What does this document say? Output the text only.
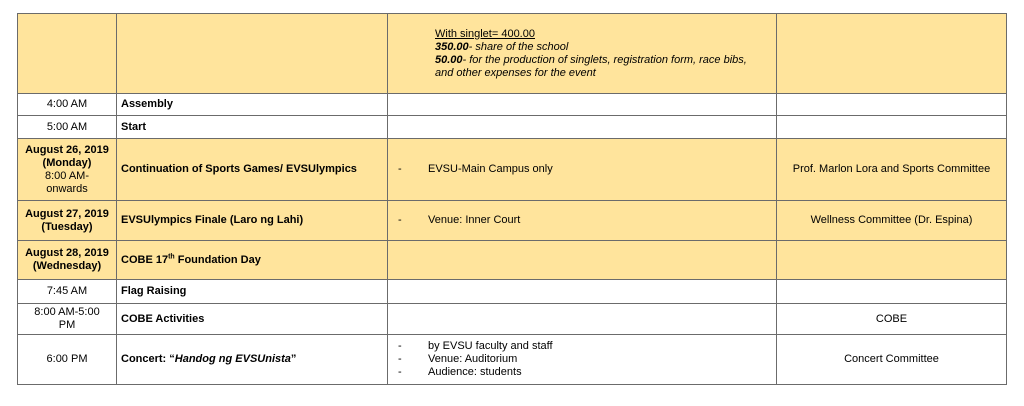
		With singlet= 400.00
350.00- share of the school
50.00- for the production of singlets, registration form, race bibs,
and other expenses for the event	

4:00 AM	Assembly		
5:00 AM	Start		

August 26, 2019
(Monday)
8:00 AM-
onwards	Continuation of Sports Games/ EVSUlympics	- EVSU-Main Campus only	Prof. Marlon Lora and Sports Committee

August 27, 2019
(Tuesday)	EVSUlympics Finale (Laro ng Lahi)	- Venue: Inner Court	Wellness Committee (Dr. Espina)

August 28, 2019
(Wednesday)	COBE 17th Foundation Day		
7:45 AM	Flag Raising		

8:00 AM-5:00
PM	COBE Activities		COBE
6:00 PM	Concert: “Handog ng EVSUnista”	- by EVSU faculty and staff
- Venue: Auditorium
- Audience: students	Concert Committee
